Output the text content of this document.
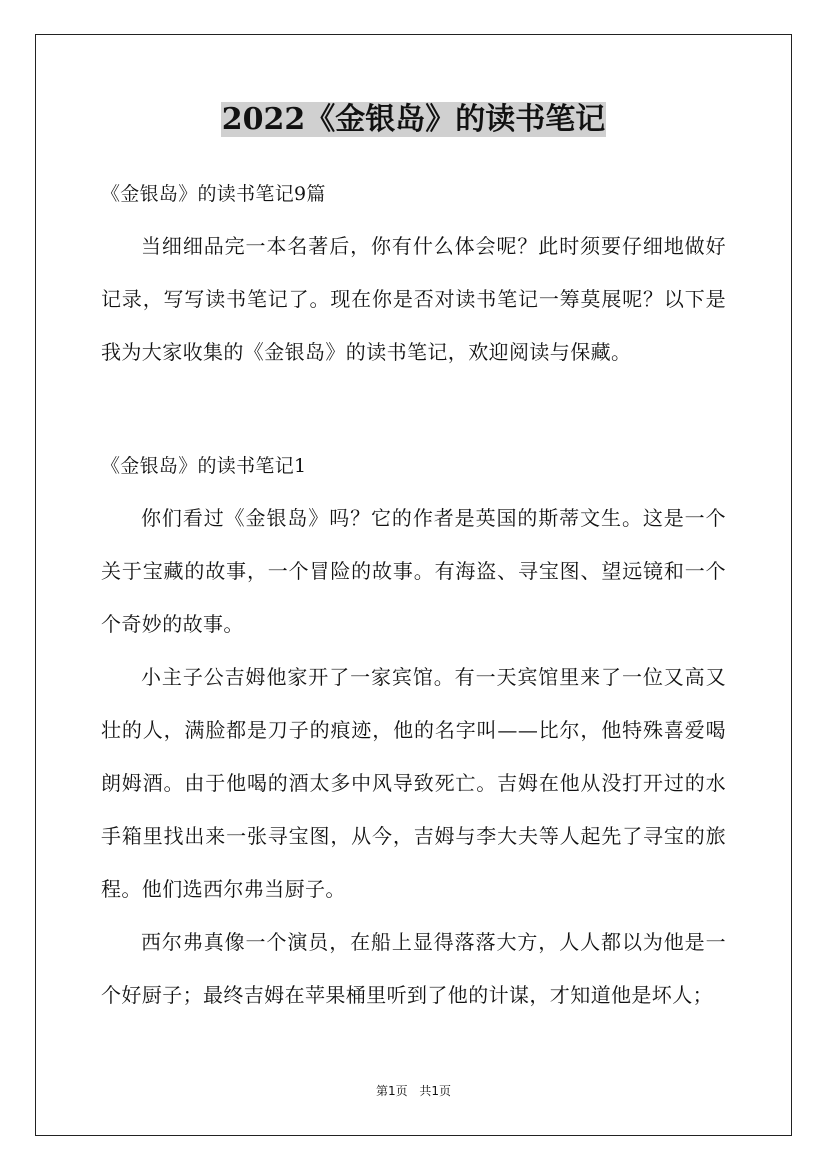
2022《金银岛》的读书笔记
《金银岛》的读书笔记9篇

当细细品完一本名著后，你有什么体会呢？此时须要仔细地做好记录，写写读书笔记了。现在你是否对读书笔记一筹莫展呢？以下是我为大家收集的《金银岛》的读书笔记，欢迎阅读与保藏。

《金银岛》的读书笔记1

你们看过《金银岛》吗？它的作者是英国的斯蒂文生。这是一个关于宝藏的故事，一个冒险的故事。有海盗、寻宝图、望远镜和一个个奇妙的故事。

小主子公吉姆他家开了一家宾馆。有一天宾馆里来了一位又高又壮的人，满脸都是刀子的痕迹，他的名字叫——比尔，他特殊喜爱喝朗姆酒。由于他喝的酒太多中风导致死亡。吉姆在他从没打开过的水手箱里找出来一张寻宝图，从今，吉姆与李大夫等人起先了寻宝的旅程。他们选西尔弗当厨子。

西尔弗真像一个演员，在船上显得落落大方，人人都以为他是一个好厨子；最终吉姆在苹果桶里听到了他的计谋，才知道他是坏人；

第1页 共1页
